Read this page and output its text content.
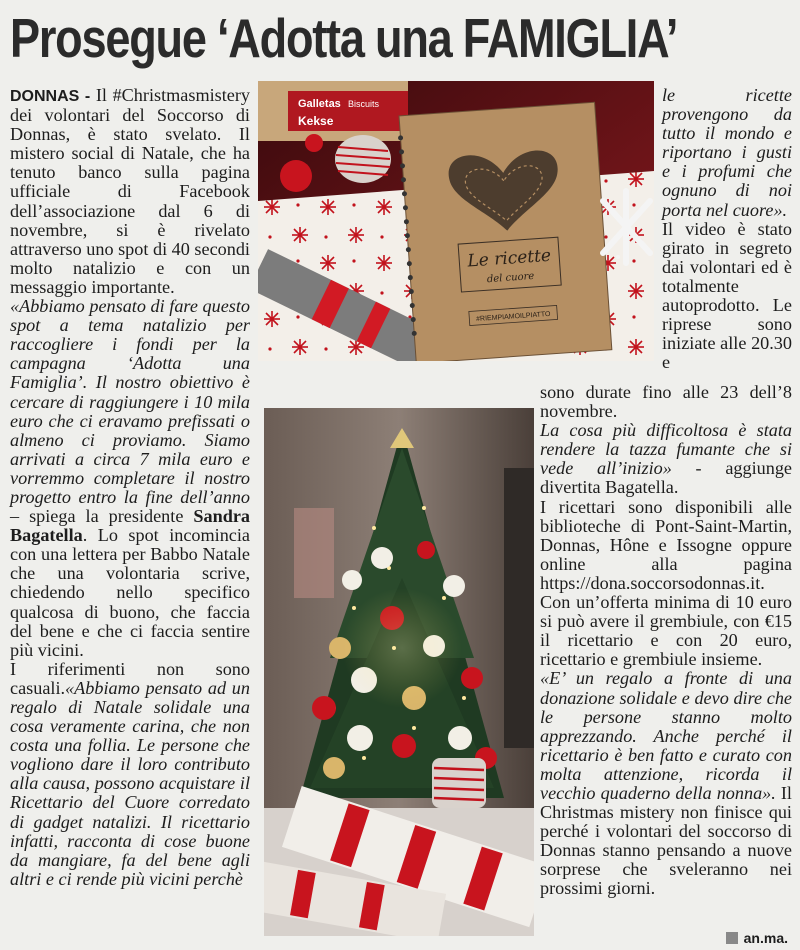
Prosegue ‘Adotta una FAMIGLIA’

DONNAS - Il #Christmasmistery dei volontari del Soccorso di Donnas, è stato svelato. Il mistero social di Natale, che ha tenuto banco sulla pagina ufficiale di Facebook dell’associazione dal 6 di novembre, si è rivelato attraverso uno spot di 40 secondi molto natalizio e con un messaggio importante.

«Abbiamo pensato di fare questo spot a tema natalizio per raccogliere i fondi per la campagna ‘Adotta una Famiglia’. Il nostro obiettivo è cercare di raggiungere i 10 mila euro che ci eravamo prefissati o almeno ci proviamo. Siamo arrivati a circa 7 mila euro e vorremmo completare il nostro progetto entro la fine dell’anno – spiega la presidente Sandra Bagatella. Lo spot incomincia con una lettera per Babbo Natale che una volontaria scrive, chiedendo nello specifico qualcosa di buono, che faccia del bene e che ci faccia sentire più vicini.

I riferimenti non sono casuali.«Abbiamo pensato ad un regalo di Natale solidale una cosa veramente carina, che non costa una follia. Le persone che vogliono dare il loro contributo alla causa, possono acquistare il Ricettario del Cuore corredato di gadget natalizi. Il ricettario infatti, racconta di cose buone da mangiare, fa del bene agli altri e ci rende più vicini perchè

Galletas
Kekse
Biscuits
Le ricette
del cuore
#RIEMPIAMOILPIATTO

le ricette provengono da tutto il mondo e riportano i gusti e i profumi che ognuno di noi porta nel cuore».

Il video è stato girato in segreto dai volontari ed è totalmente autoprodotto. Le riprese sono iniziate alle 20.30 e

sono durate fino alle 23 dell’8 novembre.

La cosa più difficoltosa è stata rendere la tazza fumante che si vede all’inizio» - aggiunge divertita Bagatella.

I ricettari sono disponibili alle biblioteche di Pont-Saint-Martin, Donnas, Hône e Issogne oppure online alla pagina https://dona.soccorsodonnas.it.

Con un’offerta minima di 10 euro si può avere il grembiule, con €15 il ricettario e con 20 euro, ricettario e grembiule insieme.

«E’ un regalo a fronte di una donazione solidale e devo dire che le persone stanno molto apprezzando. Anche perché il ricettario è ben fatto e curato con molta attenzione, ricorda il vecchio quaderno della nonna». Il Christmas mistery non finisce qui perché i volontari del soccorso di Donnas stanno pensando a nuove sorprese che sveleranno nei prossimi giorni.

an.ma.
